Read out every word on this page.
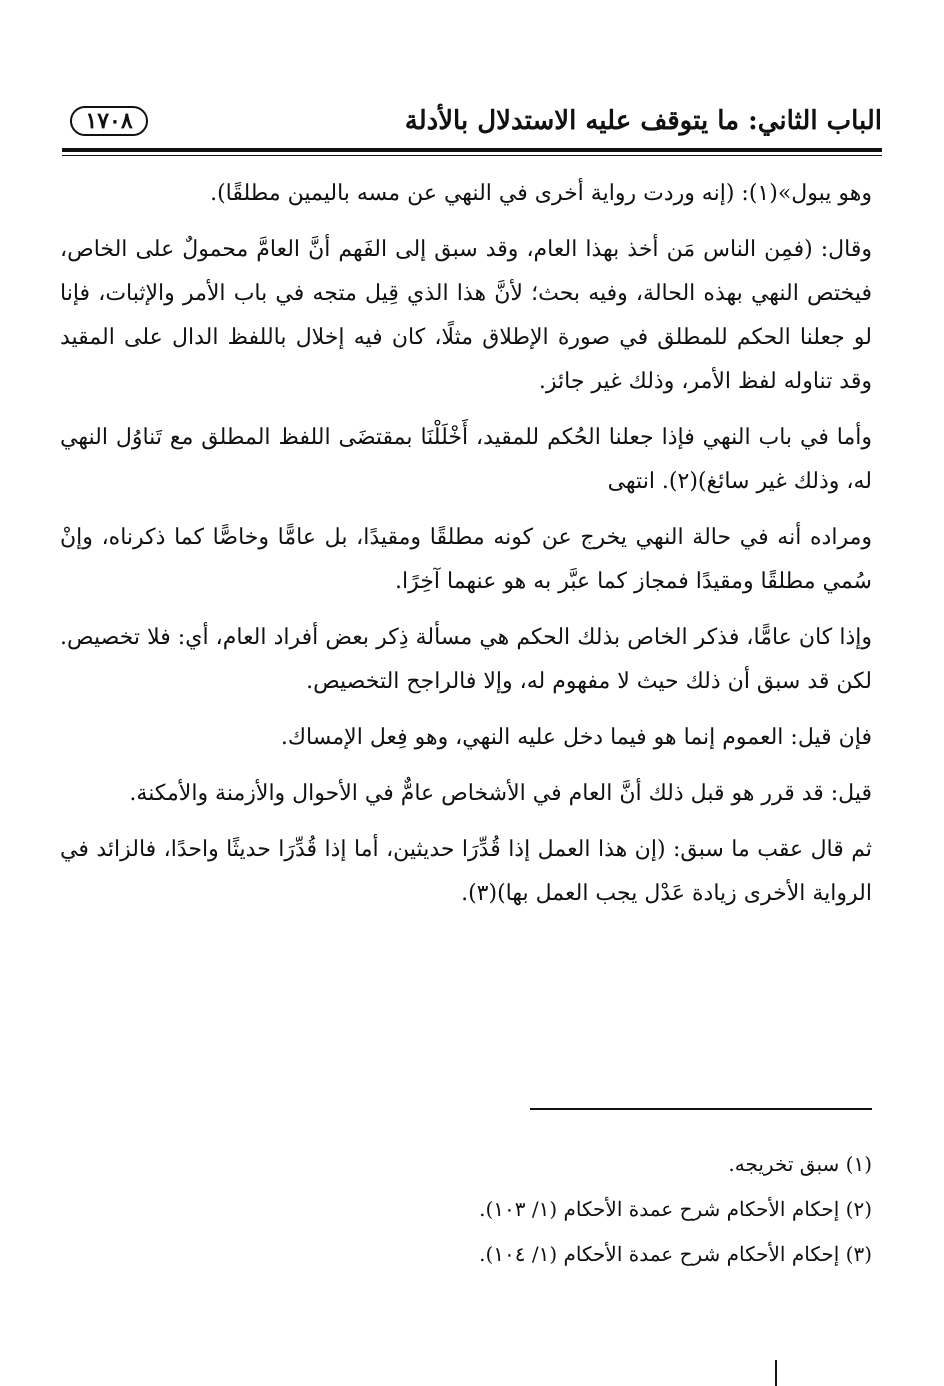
الباب الثاني: ما يتوقف عليه الاستدلال بالأدلة
١٧٠٨

وهو يبول»(١): (إنه وردت رواية أخرى في النهي عن مسه باليمين مطلقًا).

وقال: (فمِن الناس مَن أخذ بهذا العام، وقد سبق إلى الفَهم أنَّ العامَّ محمولٌ على الخاص، فيختص النهي بهذه الحالة، وفيه بحث؛ لأنَّ هذا الذي قِيل متجه في باب الأمر والإثبات، فإنا لو جعلنا الحكم للمطلق في صورة الإطلاق مثلًا، كان فيه إخلال باللفظ الدال على المقيد وقد تناوله لفظ الأمر، وذلك غير جائز.

وأما في باب النهي فإذا جعلنا الحُكم للمقيد، أَخْلَلْنَا بمقتضَى اللفظ المطلق مع تَناوُل النهي له، وذلك غير سائغ)(٢). انتهى

ومراده أنه في حالة النهي يخرج عن كونه مطلقًا ومقيدًا، بل عامًّا وخاصًّا كما ذكرناه، وإنْ سُمي مطلقًا ومقيدًا فمجاز كما عبَّر به هو عنهما آخِرًا.

وإذا كان عامًّا، فذكر الخاص بذلك الحكم هي مسألة ذِكر بعض أفراد العام، أي: فلا تخصيص. لكن قد سبق أن ذلك حيث لا مفهوم له، وإلا فالراجح التخصيص.

فإن قيل: العموم إنما هو فيما دخل عليه النهي، وهو فِعل الإمساك.

قيل: قد قرر هو قبل ذلك أنَّ العام في الأشخاص عامٌّ في الأحوال والأزمنة والأمكنة.

ثم قال عقب ما سبق: (إن هذا العمل إذا قُدِّرَا حديثين، أما إذا قُدِّرَا حديثًا واحدًا، فالزائد في الرواية الأخرى زيادة عَدْل يجب العمل بها)(٣).

(١) سبق تخريجه.
(٢) إحكام الأحكام شرح عمدة الأحكام (١/ ١٠٣).
(٣) إحكام الأحكام شرح عمدة الأحكام (١/ ١٠٤).
